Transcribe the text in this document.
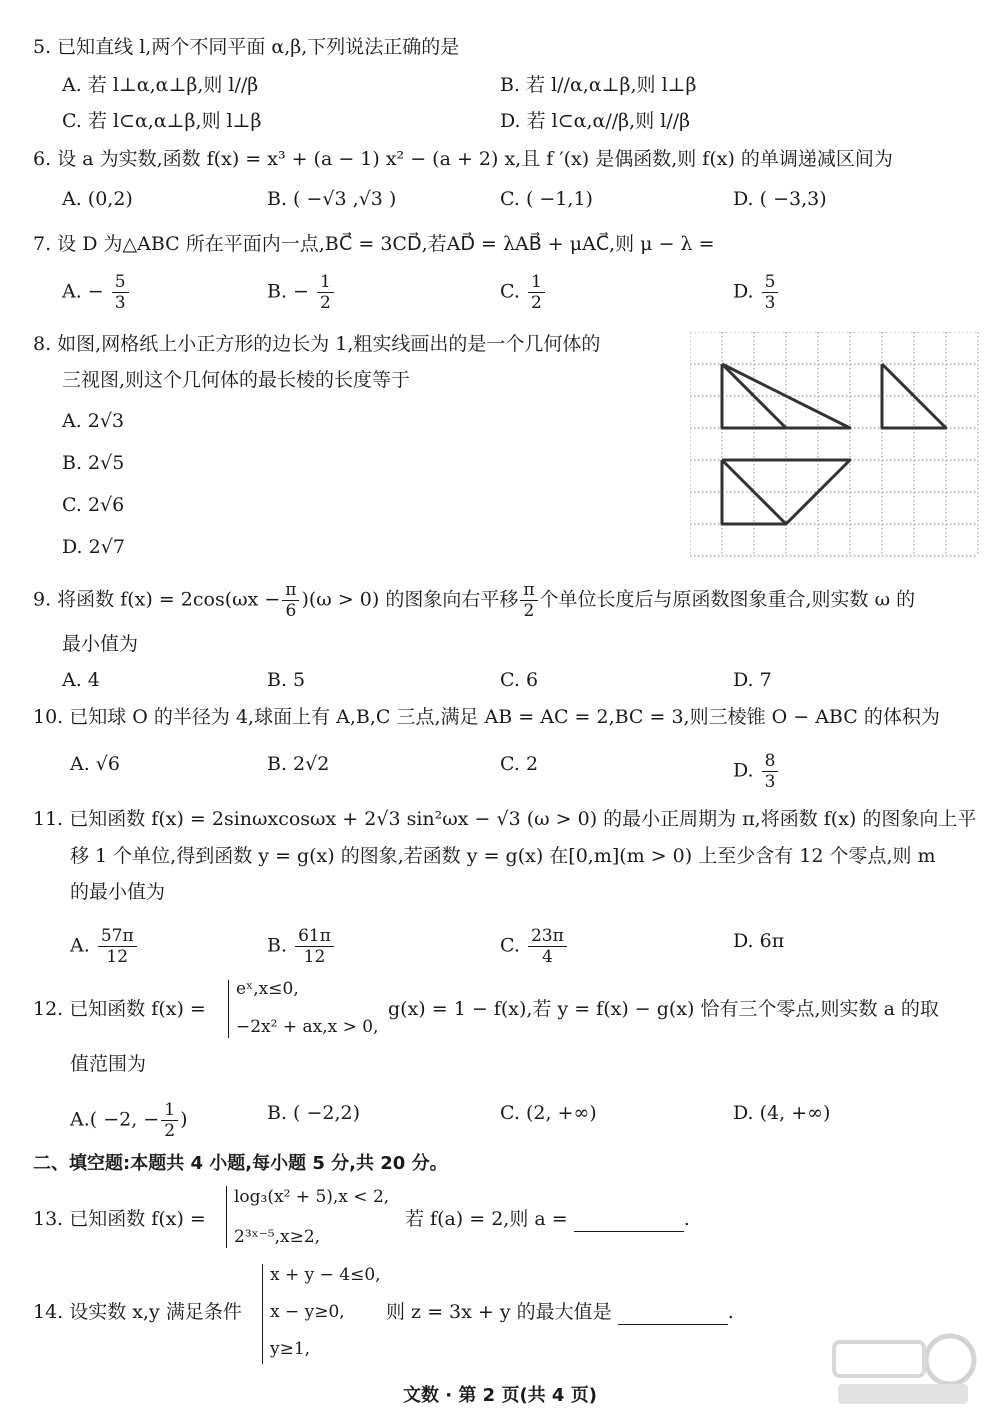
5. 已知直线 l,两个不同平面 α,β,下列说法正确的是
A. 若 l⊥α,α⊥β,则 l//β	B. 若 l//α,α⊥β,则 l⊥β
C. 若 l⊂α,α⊥β,则 l⊥β	D. 若 l⊂α,α//β,则 l//β
6. 设 a 为实数,函数 f(x) = x³ + (a − 1) x² − (a + 2) x,且 f ′(x) 是偶函数,则 f(x) 的单调递减区间为
A. (0,2)	B. ( −√3 ,√3 )	C. ( −1,1)	D. ( −3,3)
7. 设 D 为△ABC 所在平面内一点,BC⃗ = 3CD⃗,若AD⃗ = λAB⃗ + μAC⃗,则 μ − λ =
A. − $\frac{5}{3}$	B. − $\frac{1}{2}$	C. $\frac{1}{2}$	D. $\frac{5}{3}$
8. 如图,网格纸上小正方形的边长为 1,粗实线画出的是一个几何体的
三视图,则这个几何体的最长棱的长度等于
A. 2√3
B. 2√5
C. 2√6
D. 2√7
9. 将函数 $f(x) = 2\cos(\omega x - \frac{\pi}{6} )(\omega > 0)$ 的图象向右平移 $\frac{\pi}{2}$ 个单位长度后与原函数图象重合,则实数 ω 的
最小值为
A. 4	B. 5	C. 6	D. 7
10. 已知球 O 的半径为 4,球面上有 A,B,C 三点,满足 AB = AC = 2,BC = 3,则三棱锥 O − ABC 的体积为
A. √6	B. 2√2	C. 2	D. $\frac{8}{3}$
11. 已知函数 f(x) = 2sinωxcosωx + 2√3 sin²ωx − √3 (ω > 0) 的最小正周期为 π,将函数 f(x) 的图象向上平
移 1 个单位,得到函数 y = g(x) 的图象,若函数 y = g(x) 在[0,m](m > 0) 上至少含有 12 个零点,则 m
的最小值为
A. $\frac{57\pi}{12}$	B. $\frac{61\pi}{12}$	C. $\frac{23\pi}{4}$	D. 6π
12. 已知函数 f(x) =
eˣ,x≤0,
−2x² + ax,x > 0,
g(x) = 1 − f(x),若 y = f(x) − g(x) 恰有三个零点,则实数 a 的取
值范围为
A.( −2, − $\frac{1}{2}$ )	B. ( −2,2)	C. (2, +∞)	D. (4, +∞)
二、填空题:本题共 4 小题,每小题 5 分,共 20 分。
13. 已知函数 f(x) =
log₃(x² + 5),x < 2,
2³ˣ⁻⁵,x≥2,
若 f(a) = 2,则 a =	.
14. 设实数 x,y 满足条件
x + y − 4≤0,
x − y≥0,
y≥1,
则 z = 3x + y 的最大值是	.
文数 · 第 2 页(共 4 页)
